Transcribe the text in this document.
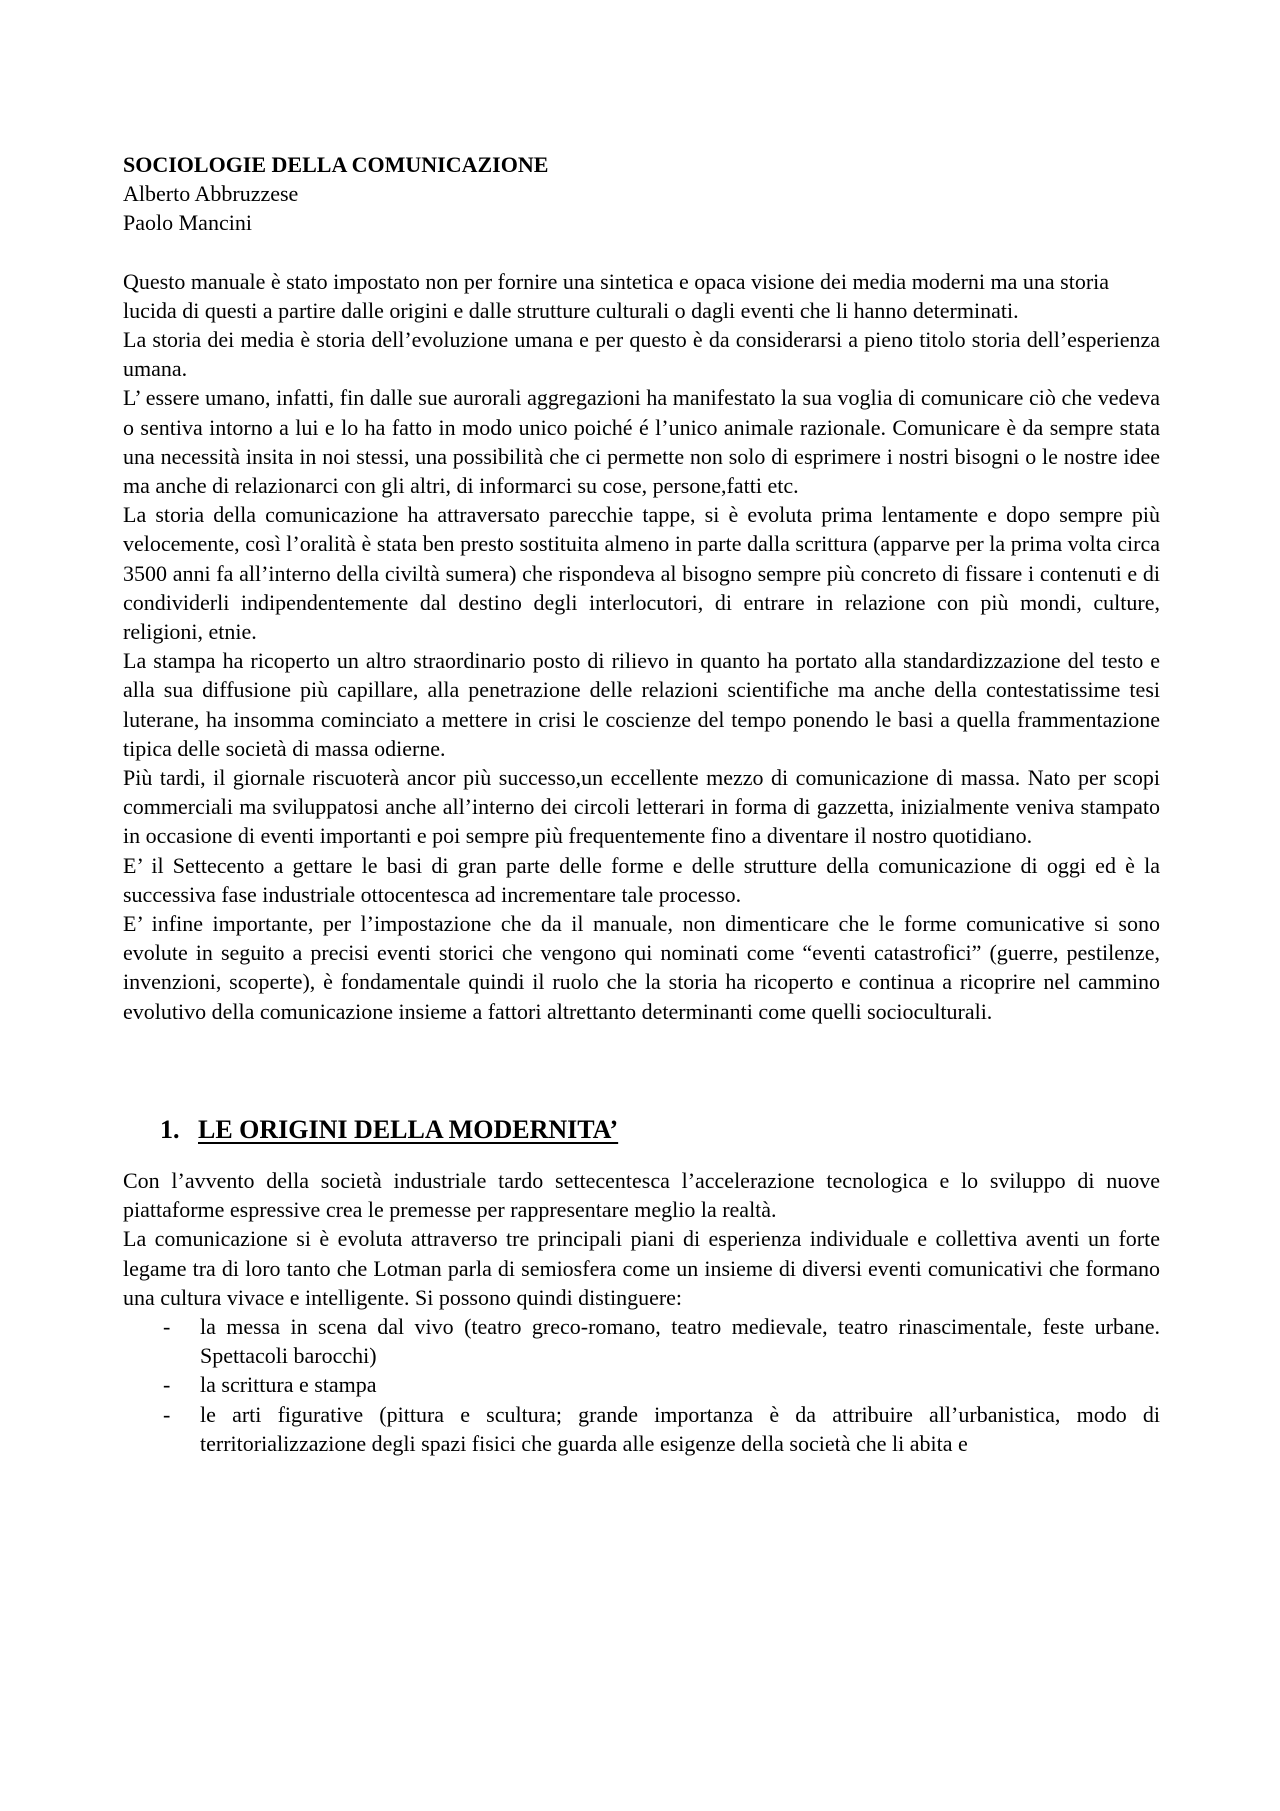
SOCIOLOGIE DELLA COMUNICAZIONE
Alberto Abbruzzese
Paolo Mancini
Questo manuale è stato impostato non per fornire una sintetica e opaca visione dei media moderni ma una storia lucida di questi a partire dalle origini e dalle strutture culturali o dagli eventi che li hanno determinati.
La storia dei media è storia dell’evoluzione umana e per questo è da considerarsi a pieno titolo storia dell’esperienza umana.
L’ essere umano, infatti, fin dalle sue aurorali aggregazioni ha manifestato la sua voglia di comunicare ciò che vedeva o sentiva intorno a lui e lo ha fatto in modo unico poiché é l’unico animale razionale. Comunicare è da sempre stata una necessità insita in noi stessi, una possibilità che ci permette non solo di esprimere i nostri bisogni o le nostre idee ma anche di relazionarci con gli altri, di informarci su cose, persone,fatti etc.
La storia della comunicazione ha attraversato parecchie tappe, si è evoluta prima lentamente e dopo sempre più velocemente, così l’oralità è stata ben presto sostituita almeno in parte dalla scrittura (apparve per la prima volta circa 3500 anni fa all’interno della civiltà sumera) che rispondeva al bisogno sempre più concreto di fissare i contenuti e di condividerli indipendentemente dal destino degli interlocutori, di entrare in relazione con più mondi, culture, religioni, etnie.
La stampa ha ricoperto un altro straordinario posto di rilievo in quanto ha portato alla standardizzazione del testo e alla sua diffusione più capillare, alla penetrazione delle relazioni scientifiche ma anche della contestatissime tesi luterane, ha insomma cominciato a mettere in crisi le coscienze del tempo ponendo le basi a quella frammentazione tipica delle società di massa odierne.
Più tardi, il giornale riscuoterà ancor più successo,un eccellente mezzo di comunicazione di massa. Nato per scopi commerciali ma sviluppatosi anche all’interno dei circoli letterari in forma di gazzetta, inizialmente veniva stampato in occasione di eventi importanti e poi sempre più frequentemente fino a diventare il nostro quotidiano.
E’ il Settecento a gettare le basi di gran parte delle forme e delle strutture della comunicazione di oggi ed è la successiva fase industriale ottocentesca ad incrementare tale processo.
E’ infine importante, per l’impostazione che da il manuale, non dimenticare che le forme comunicative si sono evolute in seguito a precisi eventi storici che vengono qui nominati come “eventi catastrofici” (guerre, pestilenze, invenzioni, scoperte), è fondamentale quindi il ruolo che la storia ha ricoperto e continua a ricoprire nel cammino evolutivo della comunicazione insieme a fattori altrettanto determinanti come quelli socioculturali.
1. LE ORIGINI DELLA MODERNITA’
Con l’avvento della società industriale tardo settecentesca l’accelerazione tecnologica e lo sviluppo di nuove piattaforme espressive crea le premesse per rappresentare meglio la realtà.
La comunicazione si è evoluta attraverso tre principali piani di esperienza individuale e collettiva aventi un forte legame tra di loro tanto che Lotman parla di semiosfera come un insieme di diversi eventi comunicativi che formano una cultura vivace e intelligente. Si possono quindi distinguere:
- la messa in scena dal vivo (teatro greco-romano, teatro medievale, teatro rinascimentale, feste urbane. Spettacoli barocchi)
- la scrittura e stampa
- le arti figurative (pittura e scultura; grande importanza è da attribuire all’urbanistica, modo di territorializzazione degli spazi fisici che guarda alle esigenze della società che li abita e
